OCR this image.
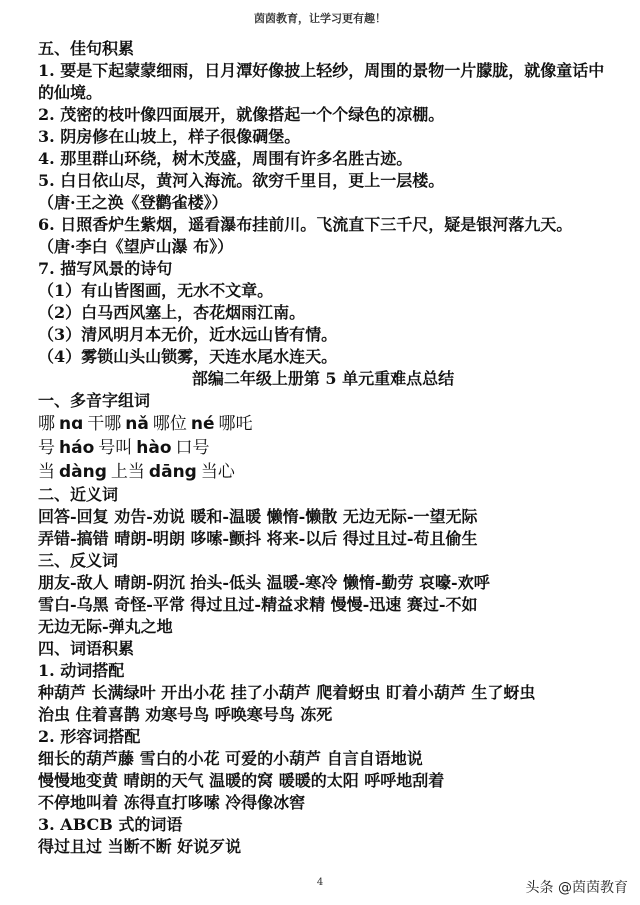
茵茵教育，让学习更有趣！
五、佳句积累
1. 要是下起蒙蒙细雨，日月潭好像披上轻纱，周围的景物一片朦胧，就像童话中的仙境。
2. 茂密的枝叶像四面展开，就像搭起一个个绿色的凉棚。
3. 阴房修在山坡上，样子很像碉堡。
4. 那里群山环绕，树木茂盛，周围有许多名胜古迹。
5. 白日依山尽，黄河入海流。欲穷千里目，更上一层楼。
（唐·王之涣《登鹳雀楼》）
6. 日照香炉生紫烟，遥看瀑布挂前川。飞流直下三千尺，疑是银河落九天。
（唐·李白《望庐山瀑 布》）
7. 描写风景的诗句
（1）有山皆图画，无水不文章。
（2）白马西风塞上，杏花烟雨江南。
（3）清风明月本无价，近水远山皆有情。
（4）雾锁山头山锁雾，天连水尾水连天。
部编二年级上册第 5 单元重难点总结
一、多音字组词
哪 nɑ 干哪 nǎ 哪位 né 哪吒
号 háo 号叫 hào 口号
当 dàng 上当 dāng 当心
二、近义词
回答-回复 劝告-劝说 暖和-温暖 懒惰-懒散 无边无际-一望无际
弄错-搞错 晴朗-明朗 哆嗦-颤抖 将来-以后 得过且过-苟且偷生
三、反义词
朋友-敌人 晴朗-阴沉 抬头-低头 温暖-寒冷 懒惰-勤劳 哀嚎-欢呼
雪白-乌黑 奇怪-平常 得过且过-精益求精 慢慢-迅速 赛过-不如
无边无际-弹丸之地
四、词语积累
1. 动词搭配
种葫芦 长满绿叶 开出小花 挂了小葫芦 爬着蚜虫 盯着小葫芦 生了蚜虫
治虫 住着喜鹊 劝寒号鸟 呼唤寒号鸟 冻死
2. 形容词搭配
细长的葫芦藤 雪白的小花 可爱的小葫芦 自言自语地说
慢慢地变黄 晴朗的天气 温暖的窝 暖暖的太阳 呼呼地刮着
不停地叫着 冻得直打哆嗦 冷得像冰窖
3. ABCB 式的词语
得过且过 当断不断 好说歹说
4	头条 @茵茵教育
